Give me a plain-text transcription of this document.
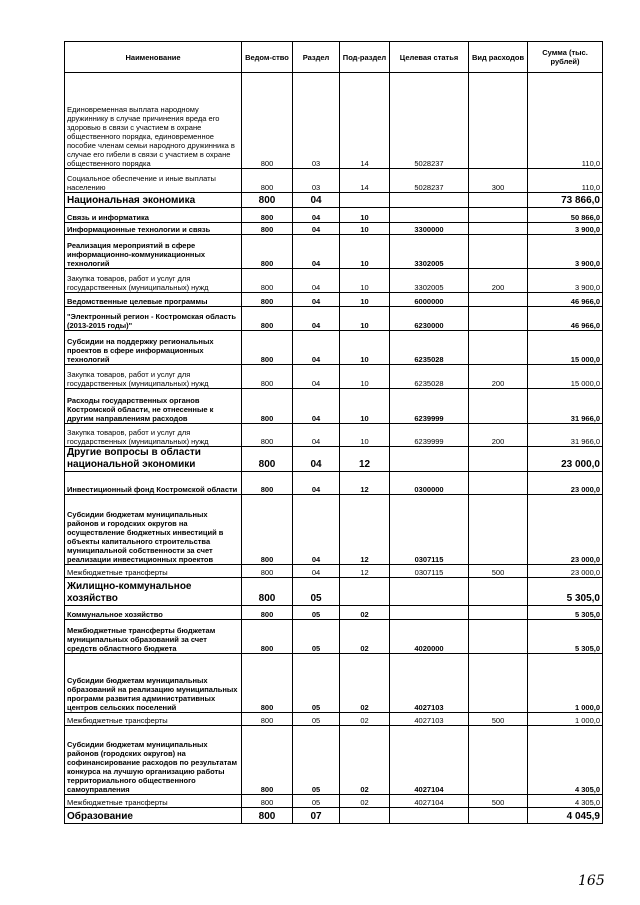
Наименование	Ведом-ство	Раздел	Под-раздел	Целевая статья	Вид расходов	Сумма (тыс. рублей)
Единовременная выплата народному дружиннику в случае причинения вреда его здоровью в связи с участием в охране общественного порядка, единовременное пособие членам семьи народного дружинника в случае его гибели в связи с участием в охране общественного порядка	800	03	14	5028237		110,0
Социальное обеспечение и иные выплаты населению	800	03	14	5028237	300	110,0
Национальная экономика	800	04				73 866,0
Связь и информатика	800	04	10			50 866,0
Информационные технологии и связь	800	04	10	3300000		3 900,0
Реализация мероприятий в сфере информационно-коммуникационных технологий	800	04	10	3302005		3 900,0
Закупка товаров, работ и услуг для государственных (муниципальных) нужд	800	04	10	3302005	200	3 900,0
Ведомственные целевые программы	800	04	10	6000000		46 966,0
"Электронный регион - Костромская область (2013-2015 годы)"	800	04	10	6230000		46 966,0
Субсидии на поддержку региональных проектов в сфере информационных технологий	800	04	10	6235028		15 000,0
Закупка товаров, работ и услуг для государственных (муниципальных) нужд	800	04	10	6235028	200	15 000,0
Расходы государственных органов Костромской области, не отнесенные к другим направлениям расходов	800	04	10	6239999		31 966,0
Закупка товаров, работ и услуг для государственных (муниципальных) нужд	800	04	10	6239999	200	31 966,0
Другие вопросы в области национальной экономики	800	04	12			23 000,0
Инвестиционный фонд Костромской области	800	04	12	0300000		23 000,0
Субсидии бюджетам муниципальных районов и городских округов на осуществление бюджетных инвестиций в объекты капитального строительства муниципальной собственности за счет реализации инвестиционных проектов	800	04	12	0307115		23 000,0
Межбюджетные трансферты	800	04	12	0307115	500	23 000,0
Жилищно-коммунальное хозяйство	800	05				5 305,0
Коммунальное хозяйство	800	05	02			5 305,0
Межбюджетные трансферты бюджетам муниципальных образований за счет средств областного бюджета	800	05	02	4020000		5 305,0
Субсидии бюджетам муниципальных образований на реализацию муниципальных программ развития административных центров сельских поселений	800	05	02	4027103		1 000,0
Межбюджетные трансферты	800	05	02	4027103	500	1 000,0
Субсидии бюджетам муниципальных районов (городских округов) на софинансирование расходов по результатам конкурса на лучшую организацию работы территориального общественного самоуправления	800	05	02	4027104		4 305,0
Межбюджетные трансферты	800	05	02	4027104	500	4 305,0
Образование	800	07				4 045,9
165
